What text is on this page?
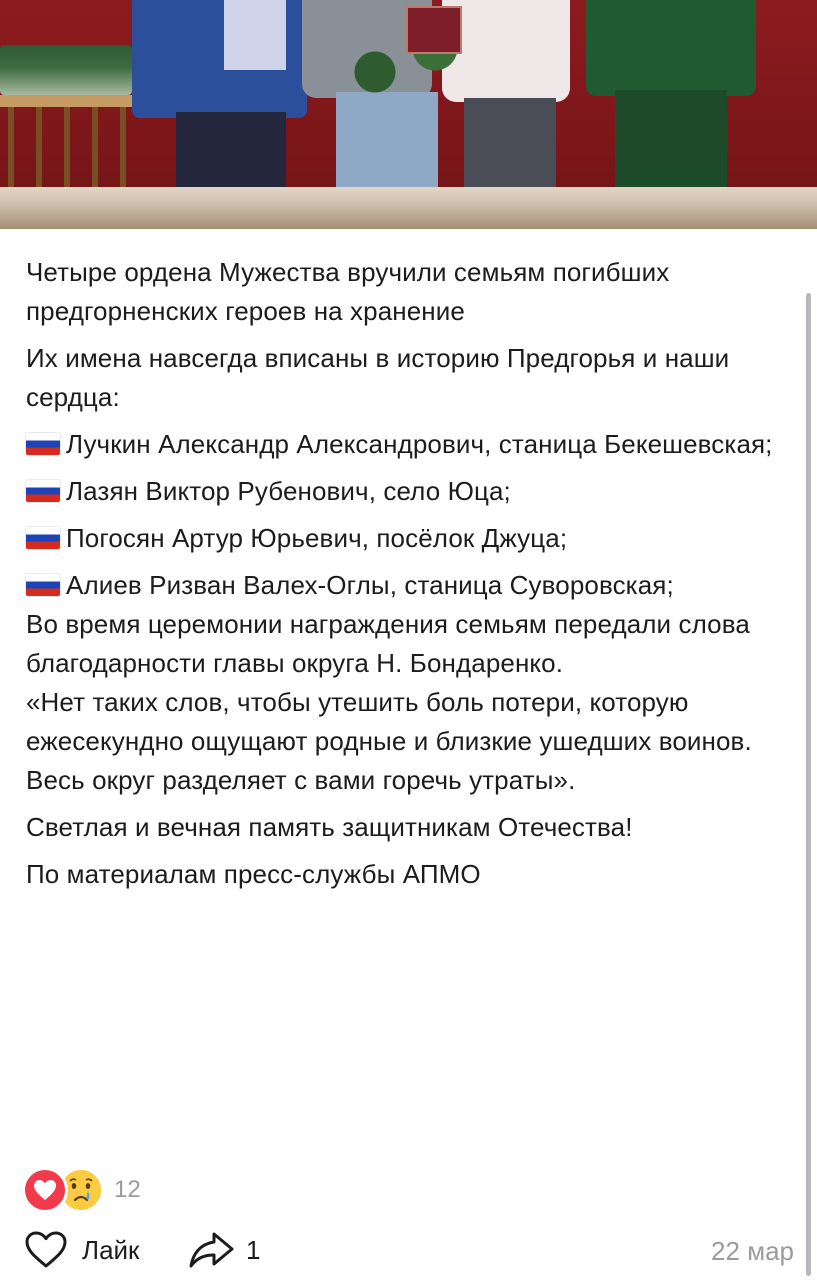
Четыре ордена Мужества вручили семьям погибших предгорненских героев на хранение

Их имена навсегда вписаны в историю Предгорья и наши сердца:

Лучкин Александр Александрович, станица Бекешевская;

Лазян Виктор Рубенович, село Юца;

Погосян Артур Юрьевич, посёлок Джуца;

Алиев Ризван Валех-Оглы, станица Суворовская;
Во время церемонии награждения семьям передали слова благодарности главы округа Н. Бондаренко.
«Нет таких слов, чтобы утешить боль потери, которую ежесекундно ощущают родные и близкие ушедших воинов. Весь округ разделяет с вами горечь утраты».

Светлая и вечная память защитникам Отечества!

По материалам пресс-службы АПМО

12
Лайк	1	22 мар
